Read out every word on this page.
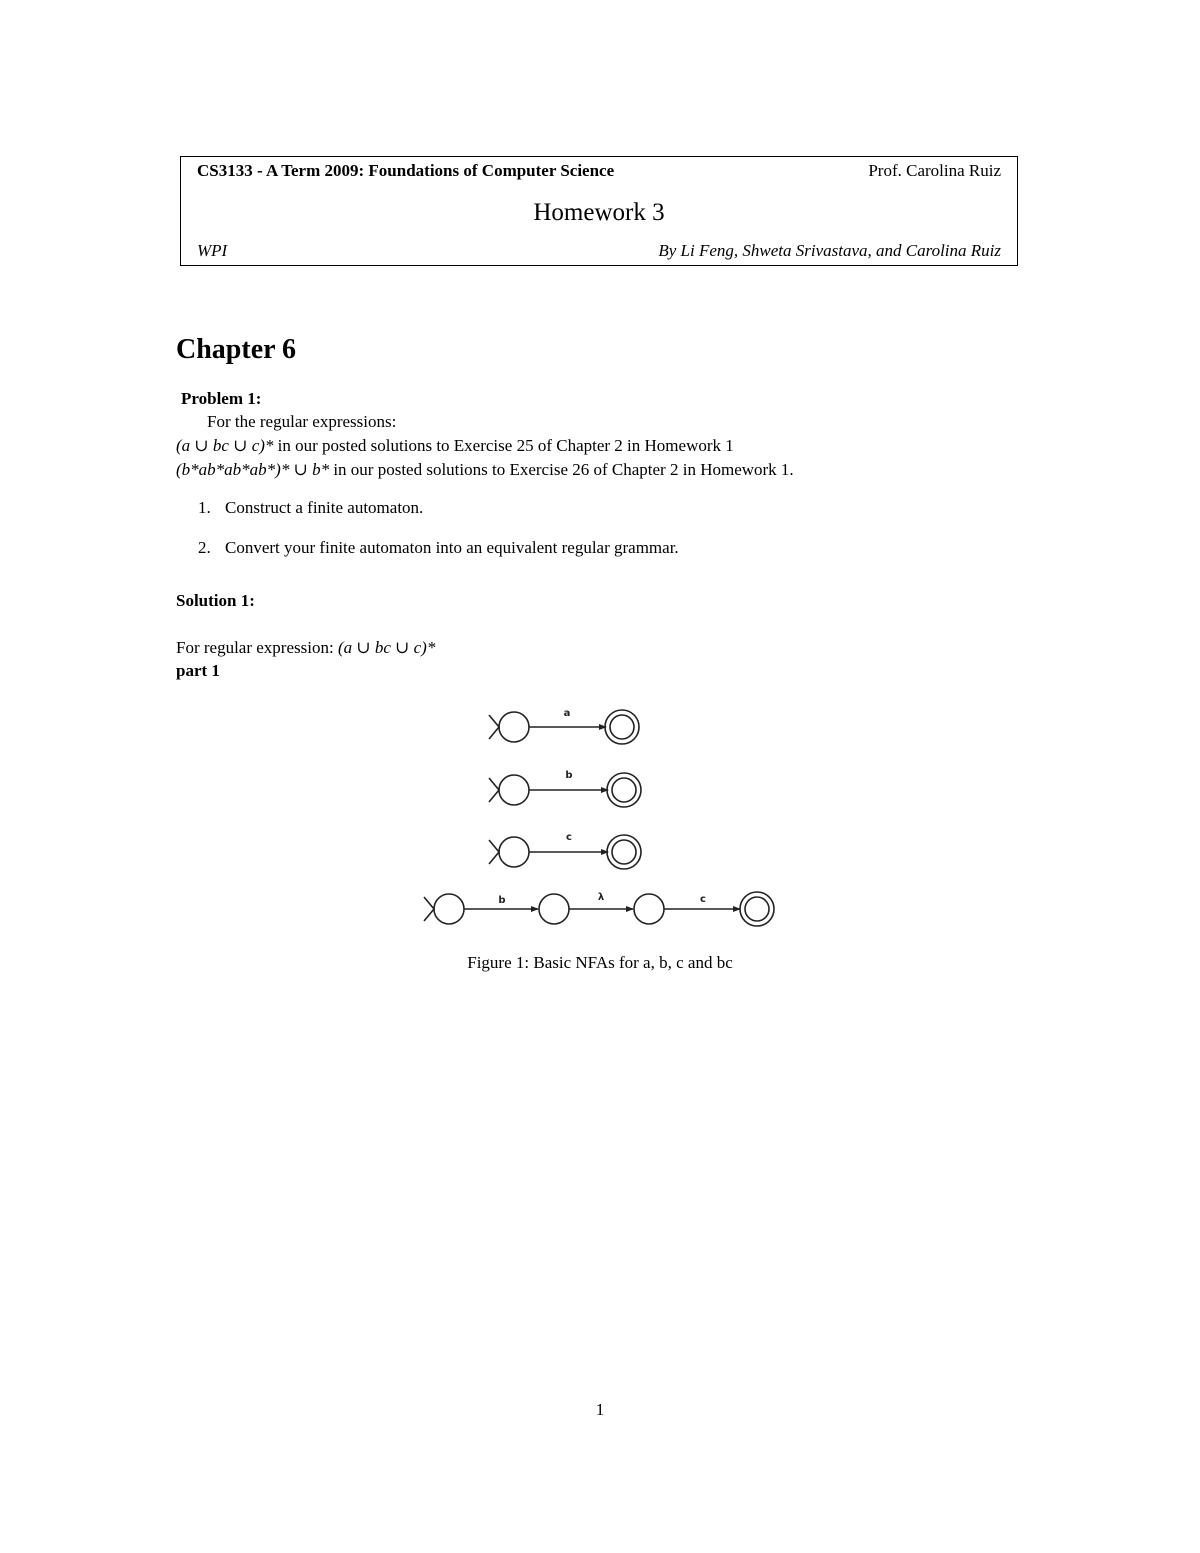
CS3133 - A Term 2009: Foundations of Computer Science	Prof. Carolina Ruiz
Homework 3
WPI	By Li Feng, Shweta Srivastava, and Carolina Ruiz
Chapter 6
Problem 1:
For the regular expressions:
(a ∪ bc ∪ c)* in our posted solutions to Exercise 25 of Chapter 2 in Homework 1
(b*ab*ab*ab*)* ∪ b* in our posted solutions to Exercise 26 of Chapter 2 in Homework 1.
1. Construct a finite automaton.
2. Convert your finite automaton into an equivalent regular grammar.
Solution 1:
For regular expression: (a ∪ bc ∪ c)*
part 1
a
b
c
b	λ	c
Figure 1: Basic NFAs for a, b, c and bc
1
